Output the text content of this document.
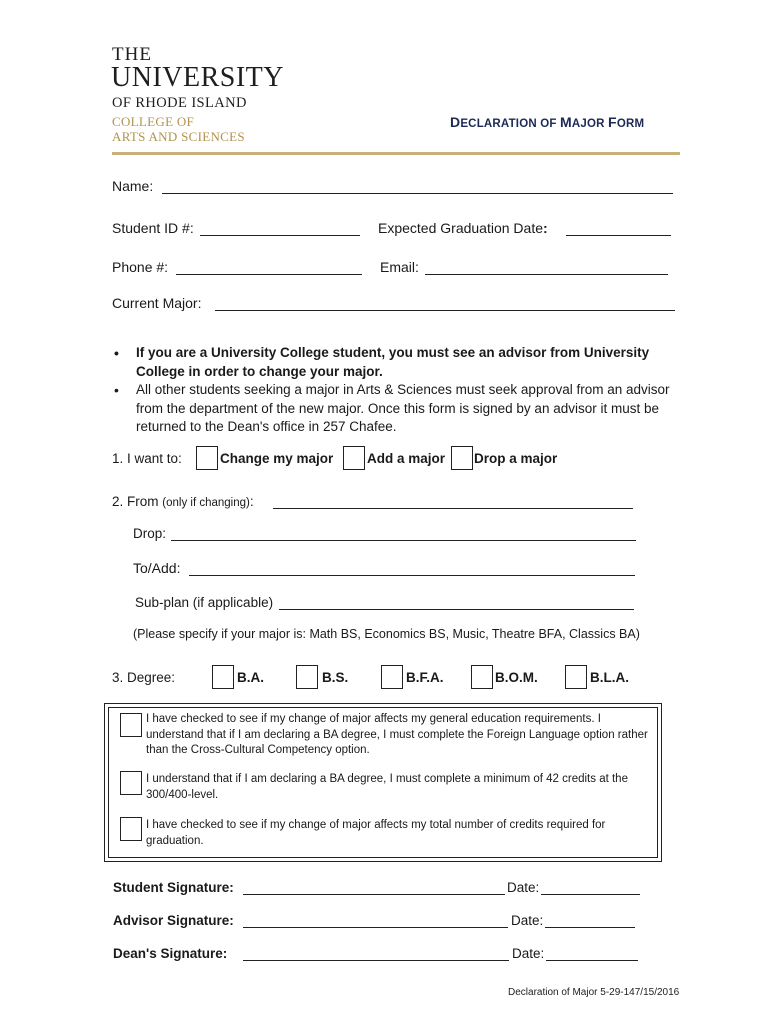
THE
UNIVERSITY
OF RHODE ISLAND
COLLEGE OF
ARTS AND SCIENCES
DECLARATION OF MAJOR FORM
Name:
Student ID #:	Expected Graduation Date:
Phone #:	Email:
Current Major:
• If you are a University College student, you must see an advisor from University College in order to change your major.
• All other students seeking a major in Arts & Sciences must seek approval from an advisor from the department of the new major. Once this form is signed by an advisor it must be returned to the Dean's office in 257 Chafee.
1. I want to:	Change my major Add a major Drop a major
2. From (only if changing):
Drop:
To/Add:
Sub-plan (if applicable)
(Please specify if your major is: Math BS, Economics BS, Music, Theatre BFA, Classics BA)
3. Degree:	B.A.	B.S.	B.F.A.	B.O.M.	B.L.A.
I have checked to see if my change of major affects my general education requirements. I understand that if I am declaring a BA degree, I must complete the Foreign Language option rather than the Cross-Cultural Competency option.
I understand that if I am declaring a BA degree, I must complete a minimum of 42 credits at the 300/400-level.
I have checked to see if my change of major affects my total number of credits required for graduation.
Student Signature:	Date:
Advisor Signature:	Date:
Dean's Signature:	Date:
Declaration of Major 5-29-147/15/2016
